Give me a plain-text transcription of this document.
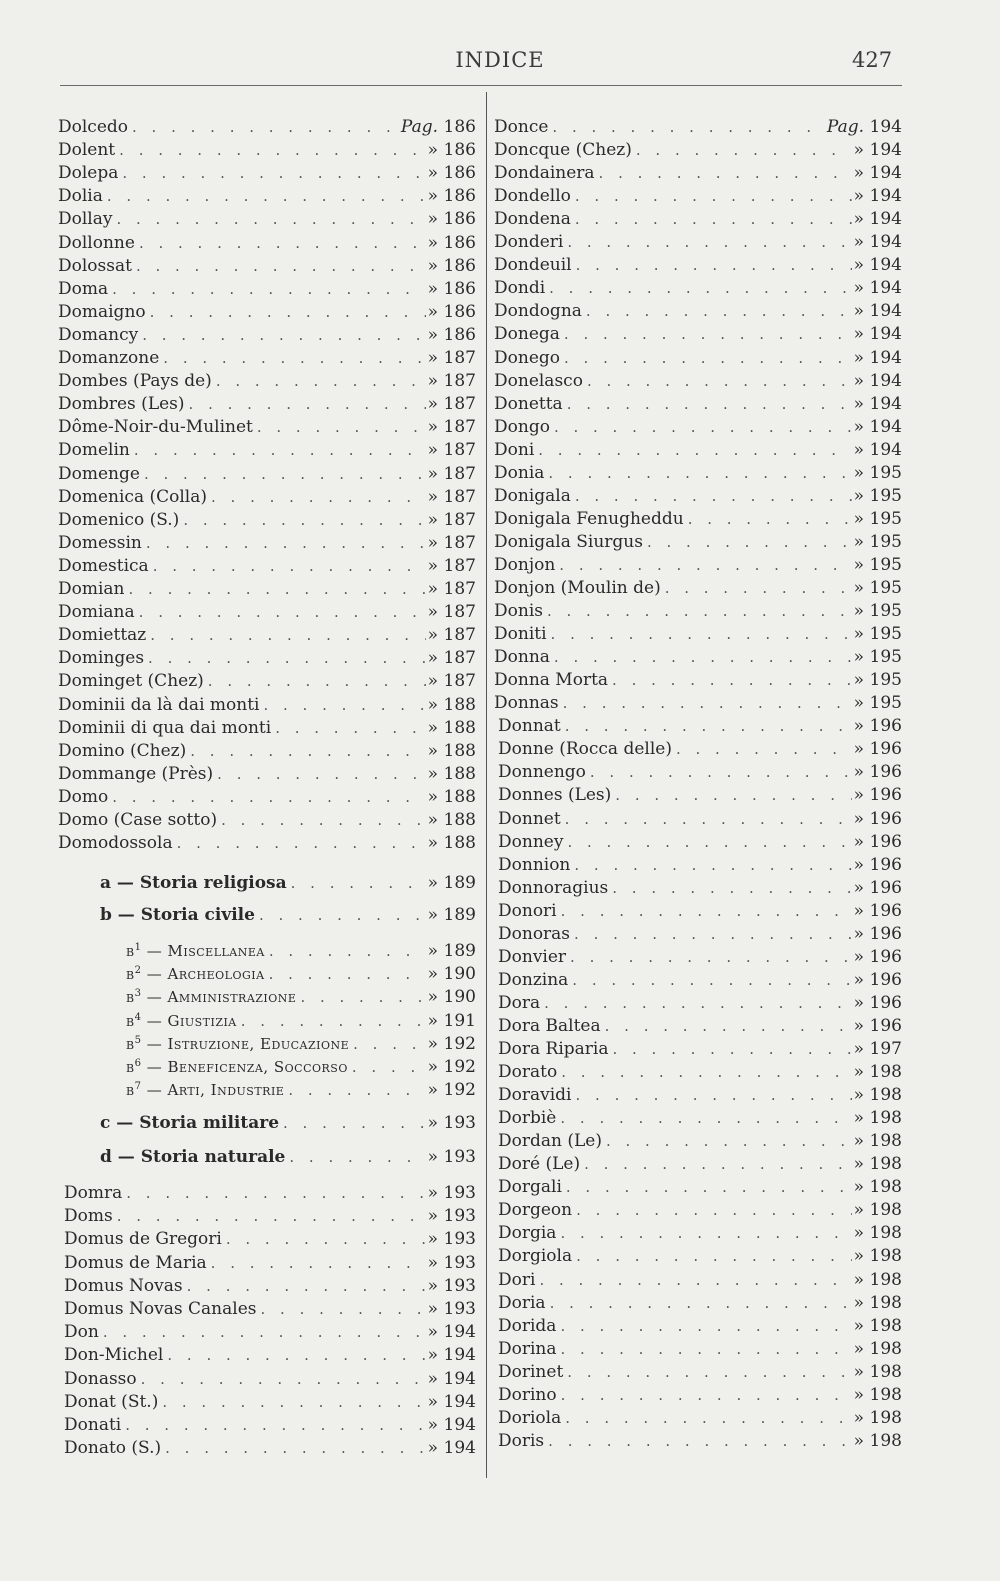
INDICE	427
Dolcedo . . .	Pag. 186
Dolent . . .	» 186
Dolepa . . .	» 186
Dolia . . .	» 186
Dollay . . .	» 186
Dollonne . . .	» 186
Dolossat . . .	» 186
Doma . . .	» 186
Domaigno . . .	» 186
Domancy . . .	» 186
Domanzone . . .	» 187
Dombes (Pays de) . . .	» 187
Dombres (Les) . . .	» 187
Dôme-Noir-du-Mulinet . . .	» 187
Domelin . . .	» 187
Domenge . . .	» 187
Domenica (Colla) . . .	» 187
Domenico (S.) . . .	» 187
Domessin . . .	» 187
Domestica . . .	» 187
Domian . . .	» 187
Domiana . . .	» 187
Domiettaz . . .	» 187
Dominges . . .	» 187
Dominget (Chez) . . .	» 187
Dominii da là dai monti . . .	» 188
Dominii di qua dai monti . . .	» 188
Domino (Chez) . . .	» 188
Dommange (Près) . . .	» 188
Domo . . .	» 188
Domo (Case sotto) . . .	» 188
Domodossola . . .	» 188
a — Storia religiosa . . .	» 189
b — Storia civile . . .	» 189
$b^1$ — Miscellanea . . .	» 189
$b^2$ — Archeologia . . .	» 190
$b^3$ — Amministrazione . . .	» 190
$b^4$ — Giustizia . . .	» 191
$b^5$ — Istruzione, Educazione . . .	» 192
$b^6$ — Beneficenza, Soccorso . . .	» 192
$b^7$ — Arti, Industrie . . .	» 192
c — Storia militare . . .	» 193
d — Storia naturale . . .	» 193
Domra . . .	» 193
Doms . . .	» 193
Domus de Gregori . . .	» 193
Domus de Maria . . .	» 193
Domus Novas . . .	» 193
Domus Novas Canales . . .	» 193
Don . . .	» 194
Don-Michel . . .	» 194
Donasso . . .	» 194
Donat (St.) . . .	» 194
Donati . . .	» 194
Donato (S.) . . .	» 194
Donce . . .	Pag. 194
Doncque (Chez) . . .	» 194
Dondainera . . .	» 194
Dondello . . .	» 194
Dondena . . .	» 194
Donderi . . .	» 194
Dondeuil . . .	» 194
Dondi . . .	» 194
Dondogna . . .	» 194
Donega . . .	» 194
Donego . . .	» 194
Donelasco . . .	» 194
Donetta . . .	» 194
Dongo . . .	» 194
Doni . . .	» 194
Donia . . .	» 195
Donigala . . .	» 195
Donigala Fenugheddu . . .	» 195
Donigala Siurgus . . .	» 195
Donjon . . .	» 195
Donjon (Moulin de) . . .	» 195
Donis . . .	» 195
Doniti . . .	» 195
Donna . . .	» 195
Donna Morta . . .	» 195
Donnas . . .	» 195
Donnat . . .	» 196
Donne (Rocca delle) . . .	» 196
Donnengo . . .	» 196
Donnes (Les) . . .	» 196
Donnet . . .	» 196
Donney . . .	» 196
Donnion . . .	» 196
Donnoragius . . .	» 196
Donori . . .	» 196
Donoras . . .	» 196
Donvier . . .	» 196
Donzina . . .	» 196
Dora . . .	» 196
Dora Baltea . . .	» 196
Dora Riparia . . .	» 197
Dorato . . .	» 198
Doravidi . . .	» 198
Dorbiè . . .	» 198
Dordan (Le) . . .	» 198
Doré (Le) . . .	» 198
Dorgali . . .	» 198
Dorgeon . . .	» 198
Dorgia . . .	» 198
Dorgiola . . .	» 198
Dori . . .	» 198
Doria . . .	» 198
Dorida . . .	» 198
Dorina . . .	» 198
Dorinet . . .	» 198
Dorino . . .	» 198
Doriola . . .	» 198
Doris . . .	» 198
